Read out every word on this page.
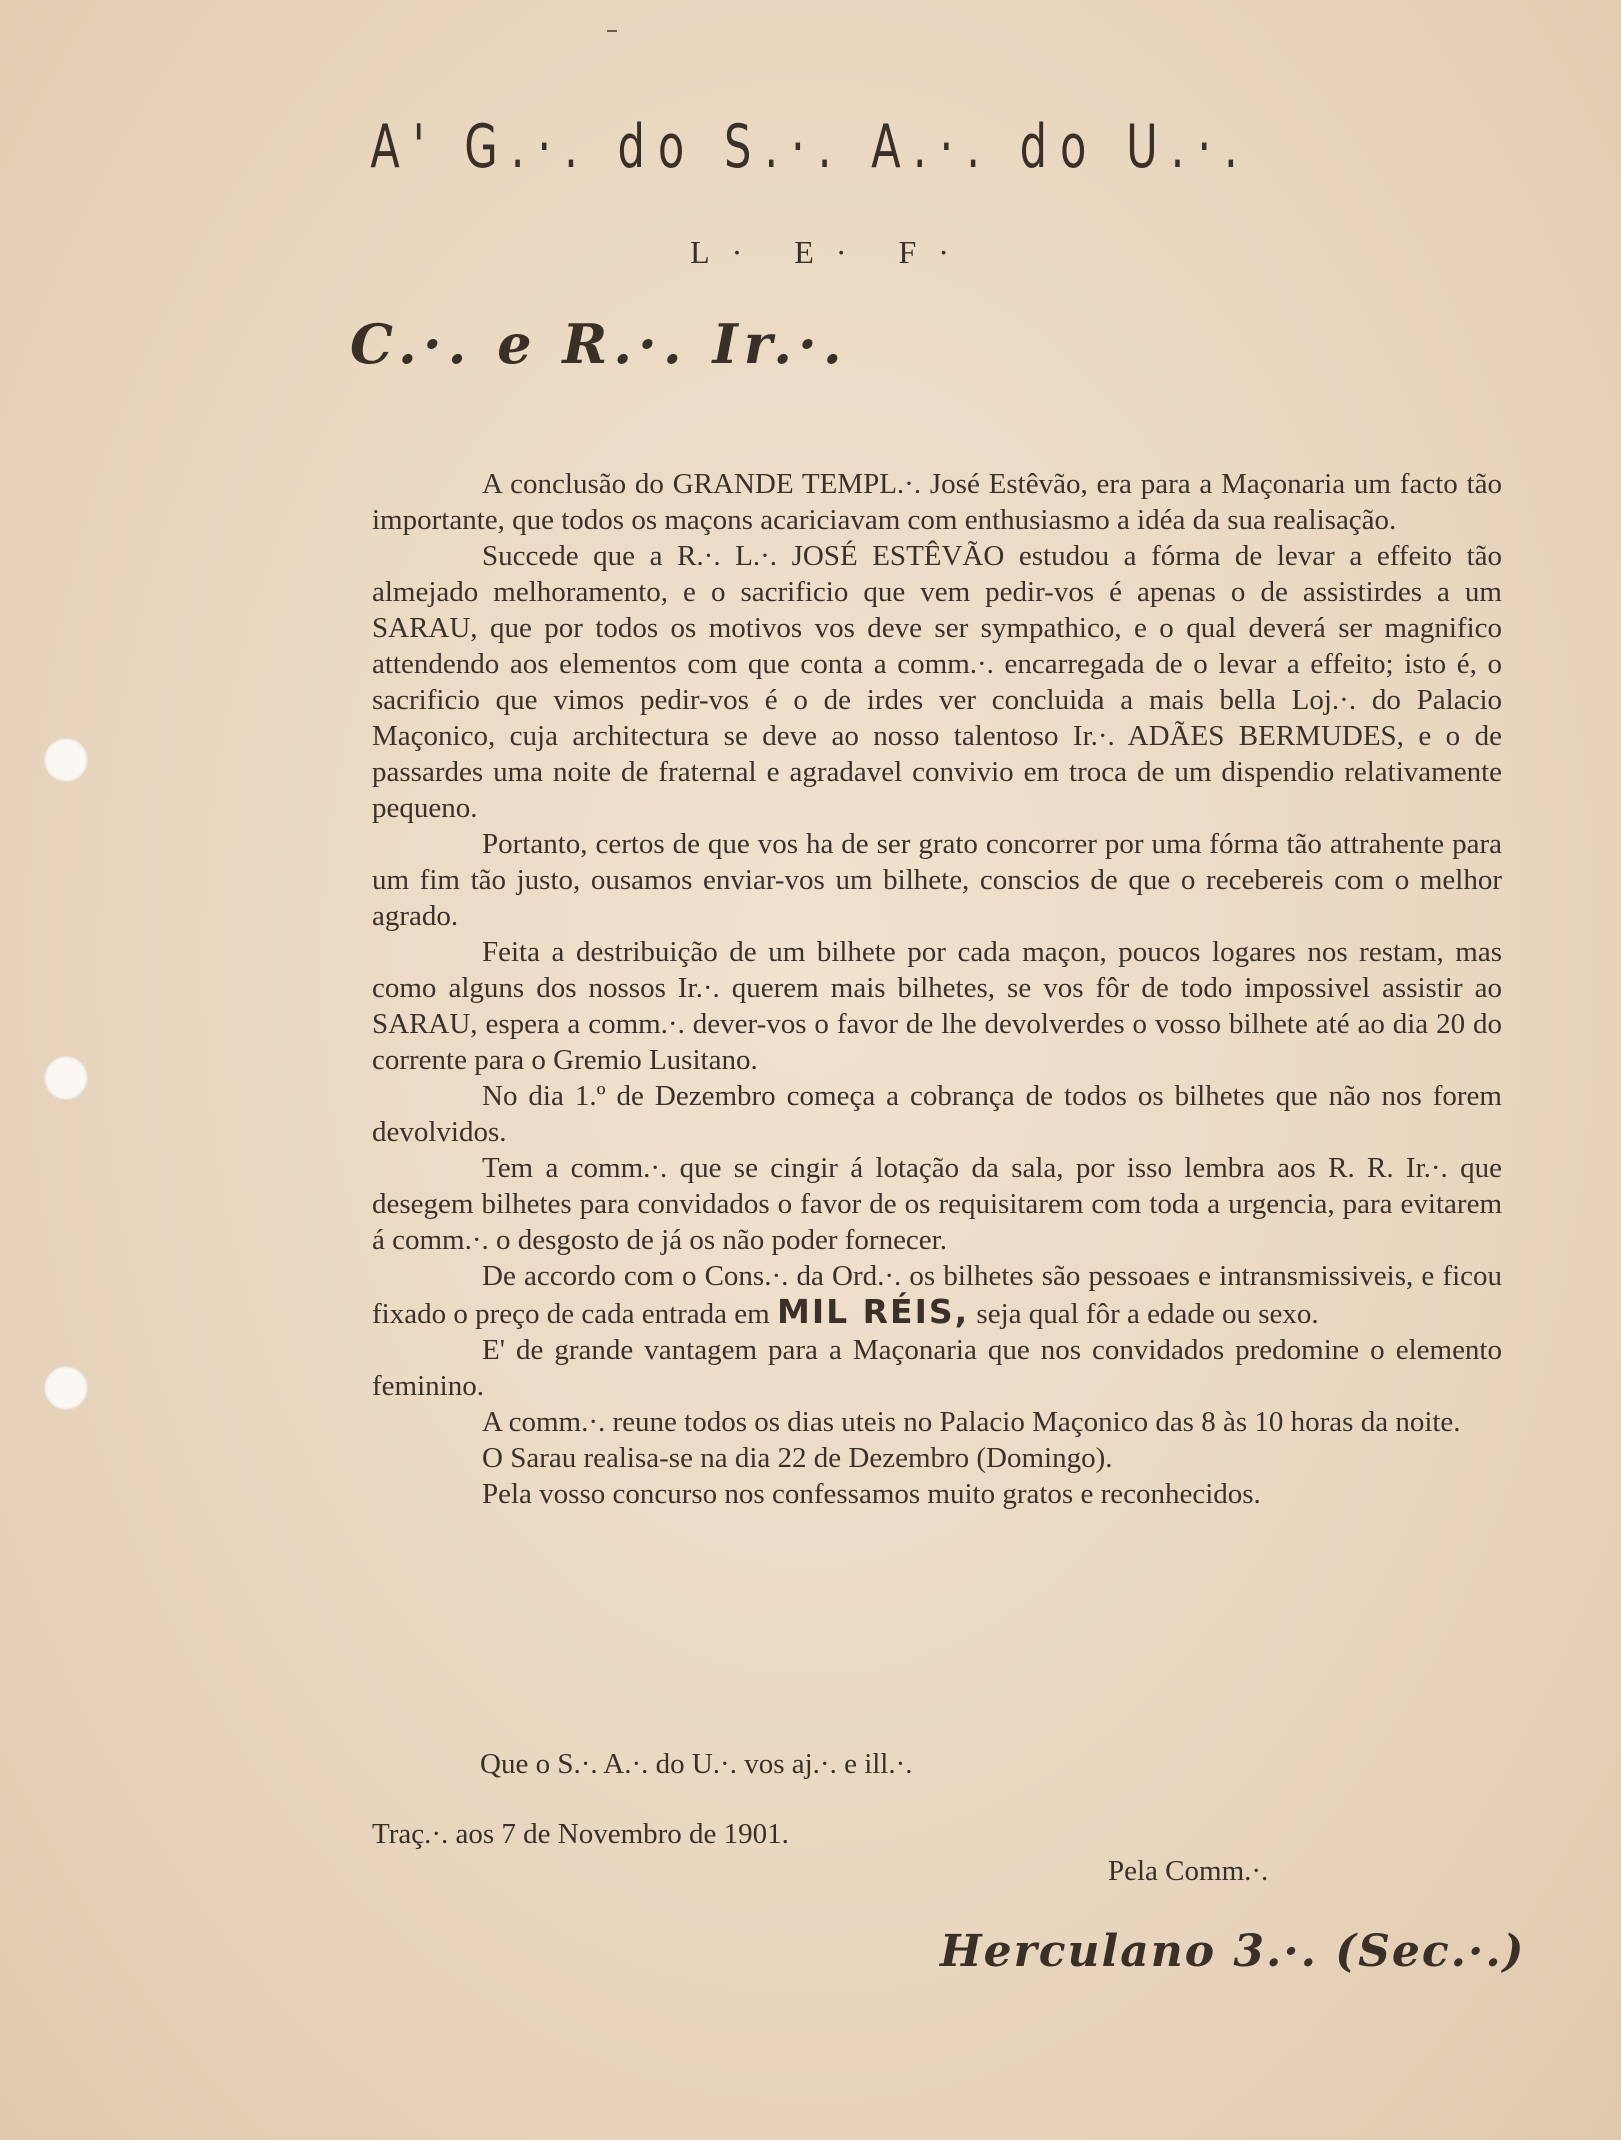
A' G.·. do S.·. A.·. do U.·.
L· E· F·
C.·. e R.·. Ir.·.

A conclusão do GRANDE TEMPL.·. José Estêvão, era para a Maçonaria um facto tão importante, que todos os maçons acariciavam com enthusiasmo a idéa da sua realisação.

Succede que a R.·. L.·. JOSÉ ESTÊVÃO estudou a fórma de levar a effeito tão almejado melhoramento, e o sacrificio que vem pedir-vos é apenas o de assistirdes a um SARAU, que por todos os motivos vos deve ser sympathico, e o qual deverá ser magnifico attendendo aos elementos com que conta a comm.·. encarregada de o levar a effeito; isto é, o sacrificio que vimos pedir-vos é o de irdes ver concluida a mais bella Loj.·. do Palacio Maçonico, cuja architectura se deve ao nosso talentoso Ir.·. ADÃES BERMUDES, e o de passardes uma noite de fraternal e agradavel convivio em troca de um dispendio relativamente pequeno.

Portanto, certos de que vos ha de ser grato concorrer por uma fórma tão attrahente para um fim tão justo, ousamos enviar-vos um bilhete, conscios de que o recebereis com o melhor agrado.

Feita a destribuição de um bilhete por cada maçon, poucos logares nos restam, mas como alguns dos nossos Ir.·. querem mais bilhetes, se vos fôr de todo impossivel assistir ao SARAU, espera a comm.·. dever-vos o favor de lhe devolverdes o vosso bilhete até ao dia 20 do corrente para o Gremio Lusitano.

No dia 1.º de Dezembro começa a cobrança de todos os bilhetes que não nos forem devolvidos.

Tem a comm.·. que se cingir á lotação da sala, por isso lembra aos R. R. Ir.·. que desegem bilhetes para convidados o favor de os requisitarem com toda a urgencia, para evitarem á comm.·. o desgosto de já os não poder fornecer.

De accordo com o Cons.·. da Ord.·. os bilhetes são pessoaes e intransmissiveis, e ficou fixado o preço de cada entrada em MIL RÉIS, seja qual fôr a edade ou sexo.

E' de grande vantagem para a Maçonaria que nos convidados predomine o elemento feminino.

A comm.·. reune todos os dias uteis no Palacio Maçonico das 8 às 10 horas da noite.

O Sarau realisa-se na dia 22 de Dezembro (Domingo).

Pela vosso concurso nos confessamos muito gratos e reconhecidos.

Que o S.·. A.·. do U.·. vos aj.·. e ill.·.
Traç.·. aos 7 de Novembro de 1901.
Pela Comm.·.
Herculano 3.·. (Sec.·.)
